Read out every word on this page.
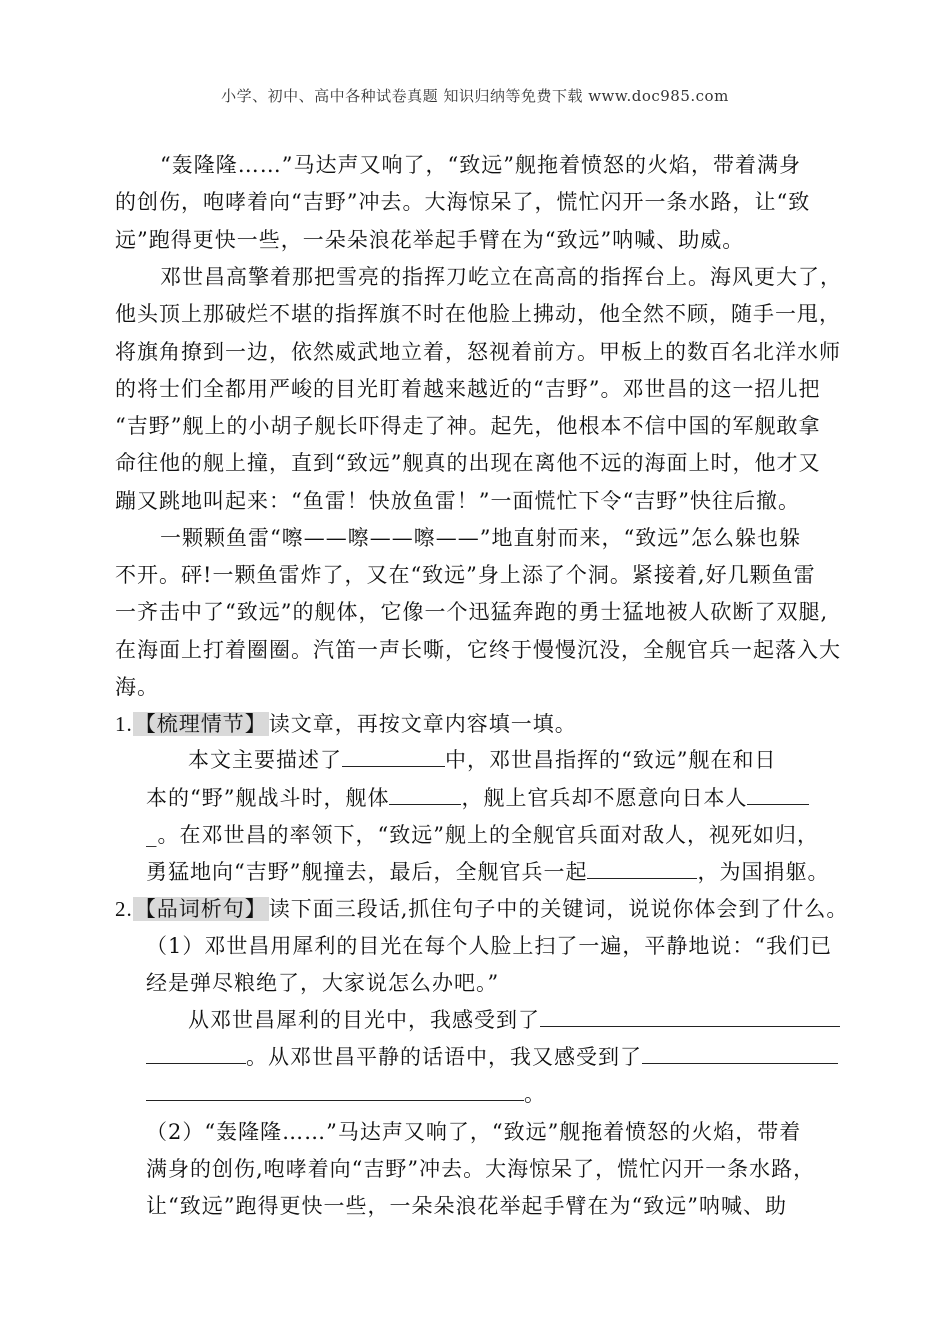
小学、初中、高中各种试卷真题 知识归纳等免费下载 www.doc985.com
“轰隆隆……”马达声又响了，“致远”舰拖着愤怒的火焰，带着满身
的创伤，咆哮着向“吉野”冲去。大海惊呆了，慌忙闪开一条水路，让“致
远”跑得更快一些，一朵朵浪花举起手臂在为“致远”呐喊、助威。
邓世昌高擎着那把雪亮的指挥刀屹立在高高的指挥台上。海风更大了，
他头顶上那破烂不堪的指挥旗不时在他脸上拂动，他全然不顾，随手一甩，
将旗角撩到一边，依然威武地立着，怒视着前方。甲板上的数百名北洋水师
的将士们全都用严峻的目光盯着越来越近的“吉野”。邓世昌的这一招儿把
“吉野”舰上的小胡子舰长吓得走了神。起先，他根本不信中国的军舰敢拿
命往他的舰上撞，直到“致远”舰真的出现在离他不远的海面上时，他才又
蹦又跳地叫起来：“鱼雷！快放鱼雷！”一面慌忙下令“吉野”快往后撤。
一颗颗鱼雷“嚓——嚓——嚓——”地直射而来，“致远”怎么躲也躲
不开。砰!一颗鱼雷炸了，又在“致远”身上添了个洞。紧接着,好几颗鱼雷
一齐击中了“致远”的舰体，它像一个迅猛奔跑的勇士猛地被人砍断了双腿,
在海面上打着圈圈。汽笛一声长嘶，它终于慢慢沉没，全舰官兵一起落入大
海。
1.【梳理情节】读文章，再按文章内容填一填。
本文主要描述了	中，邓世昌指挥的“致远”舰在和日
本的“野”舰战斗时，舰体	，舰上官兵却不愿意向日本人
_。在邓世昌的率领下，“致远”舰上的全舰官兵面对敌人，视死如归，
勇猛地向“吉野”舰撞去，最后，全舰官兵一起	，为国捐躯。
2.【品词析句】读下面三段话,抓住句子中的关键词，说说你体会到了什么。
（1）邓世昌用犀利的目光在每个人脸上扫了一遍，平静地说：“我们已
经是弹尽粮绝了，大家说怎么办吧。”
从邓世昌犀利的目光中，我感受到了
。从邓世昌平静的话语中，我又感受到了
。
（2）“轰隆隆……”马达声又响了，“致远”舰拖着愤怒的火焰，带着
满身的创伤,咆哮着向“吉野”冲去。大海惊呆了，慌忙闪开一条水路，
让“致远”跑得更快一些，一朵朵浪花举起手臂在为“致远”呐喊、助
